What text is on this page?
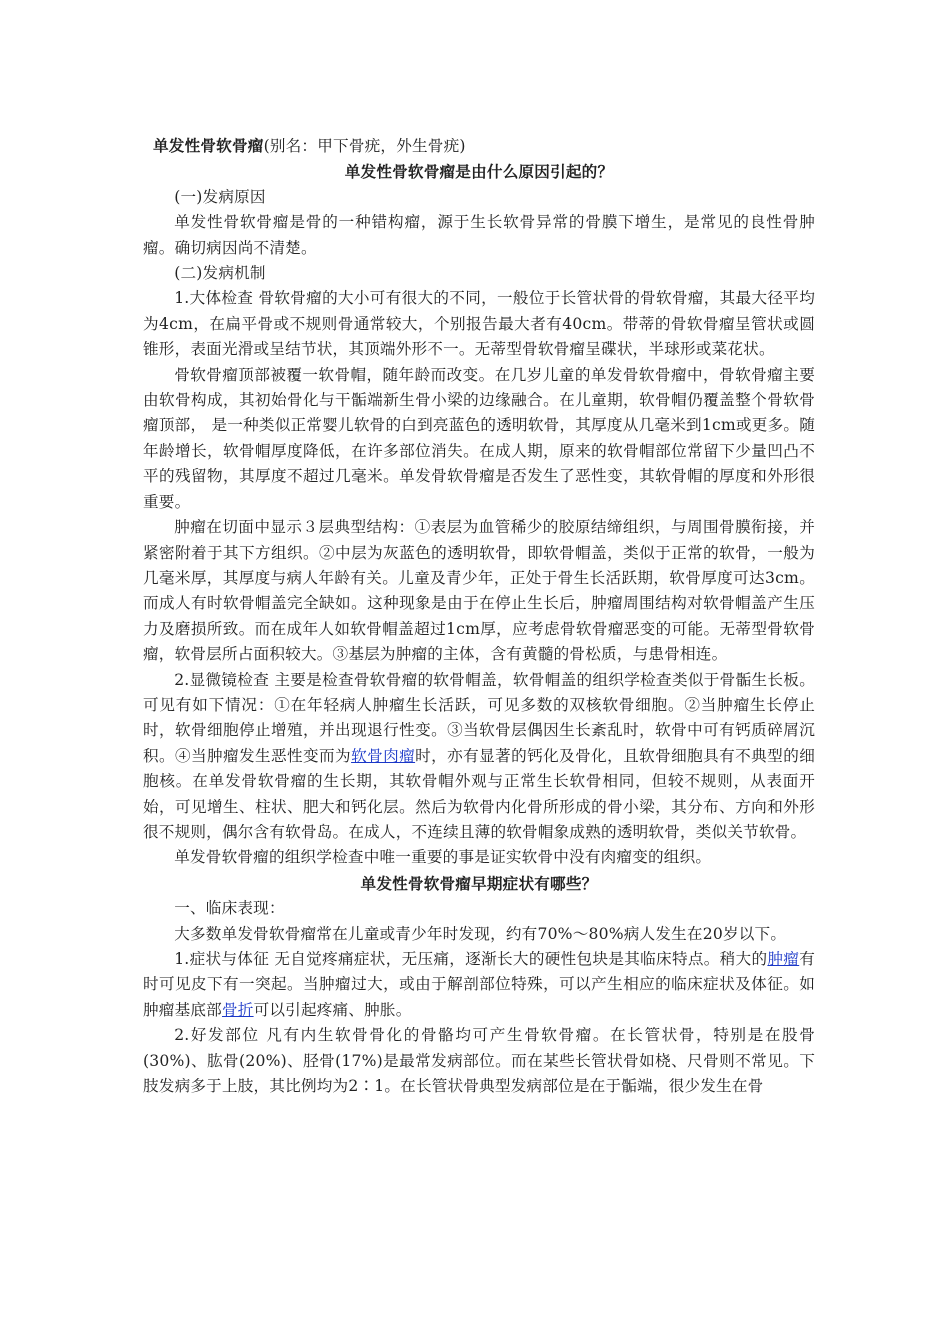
单发性骨软骨瘤(别名：甲下骨疣，外生骨疣)

单发性骨软骨瘤是由什么原因引起的？

(一)发病原因

单发性骨软骨瘤是骨的一种错构瘤，源于生长软骨异常的骨膜下增生，是常见的良性骨肿瘤。确切病因尚不清楚。

(二)发病机制

1.大体检查 骨软骨瘤的大小可有很大的不同，一般位于长管状骨的骨软骨瘤，其最大径平均为4cm，在扁平骨或不规则骨通常较大，个别报告最大者有40cm。带蒂的骨软骨瘤呈管状或圆锥形，表面光滑或呈结节状，其顶端外形不一。无蒂型骨软骨瘤呈碟状，半球形或菜花状。

骨软骨瘤顶部被覆一软骨帽，随年龄而改变。在几岁儿童的单发骨软骨瘤中，骨软骨瘤主要由软骨构成，其初始骨化与干骺端新生骨小梁的边缘融合。在儿童期，软骨帽仍覆盖整个骨软骨瘤顶部， 是一种类似正常婴儿软骨的白到亮蓝色的透明软骨，其厚度从几毫米到1cm或更多。随年龄增长，软骨帽厚度降低，在许多部位消失。在成人期，原来的软骨帽部位常留下少量凹凸不平的残留物，其厚度不超过几毫米。单发骨软骨瘤是否发生了恶性变，其软骨帽的厚度和外形很重要。

肿瘤在切面中显示３层典型结构：①表层为血管稀少的胶原结缔组织，与周围骨膜衔接，并紧密附着于其下方组织。②中层为灰蓝色的透明软骨，即软骨帽盖，类似于正常的软骨，一般为几毫米厚，其厚度与病人年龄有关。儿童及青少年，正处于骨生长活跃期，软骨厚度可达3cm。而成人有时软骨帽盖完全缺如。这种现象是由于在停止生长后，肿瘤周围结构对软骨帽盖产生压力及磨损所致。而在成年人如软骨帽盖超过1cm厚，应考虑骨软骨瘤恶变的可能。无蒂型骨软骨瘤，软骨层所占面积较大。③基层为肿瘤的主体，含有黄髓的骨松质，与患骨相连。

2.显微镜检查 主要是检查骨软骨瘤的软骨帽盖，软骨帽盖的组织学检查类似于骨骺生长板。可见有如下情况：①在年轻病人肿瘤生长活跃，可见多数的双核软骨细胞。②当肿瘤生长停止时，软骨细胞停止增殖，并出现退行性变。③当软骨层偶因生长紊乱时，软骨中可有钙质碎屑沉积。④当肿瘤发生恶性变而为软骨肉瘤时，亦有显著的钙化及骨化，且软骨细胞具有不典型的细胞核。在单发骨软骨瘤的生长期，其软骨帽外观与正常生长软骨相同，但较不规则，从表面开始，可见增生、柱状、肥大和钙化层。然后为软骨内化骨所形成的骨小梁，其分布、方向和外形很不规则，偶尔含有软骨岛。在成人，不连续且薄的软骨帽象成熟的透明软骨，类似关节软骨。

单发骨软骨瘤的组织学检查中唯一重要的事是证实软骨中没有肉瘤变的组织。

单发性骨软骨瘤早期症状有哪些？

一、临床表现：

大多数单发骨软骨瘤常在儿童或青少年时发现，约有70%～80%病人发生在20岁以下。

1.症状与体征 无自觉疼痛症状，无压痛，逐渐长大的硬性包块是其临床特点。稍大的肿瘤有时可见皮下有一突起。当肿瘤过大，或由于解剖部位特殊，可以产生相应的临床症状及体征。如肿瘤基底部骨折可以引起疼痛、肿胀。

2.好发部位 凡有内生软骨骨化的骨骼均可产生骨软骨瘤。在长管状骨，特别是在股骨(30%)、肱骨(20%)、胫骨(17%)是最常发病部位。而在某些长管状骨如桡、尺骨则不常见。下肢发病多于上肢，其比例均为2∶1。在长管状骨典型发病部位是在于骺端，很少发生在骨
